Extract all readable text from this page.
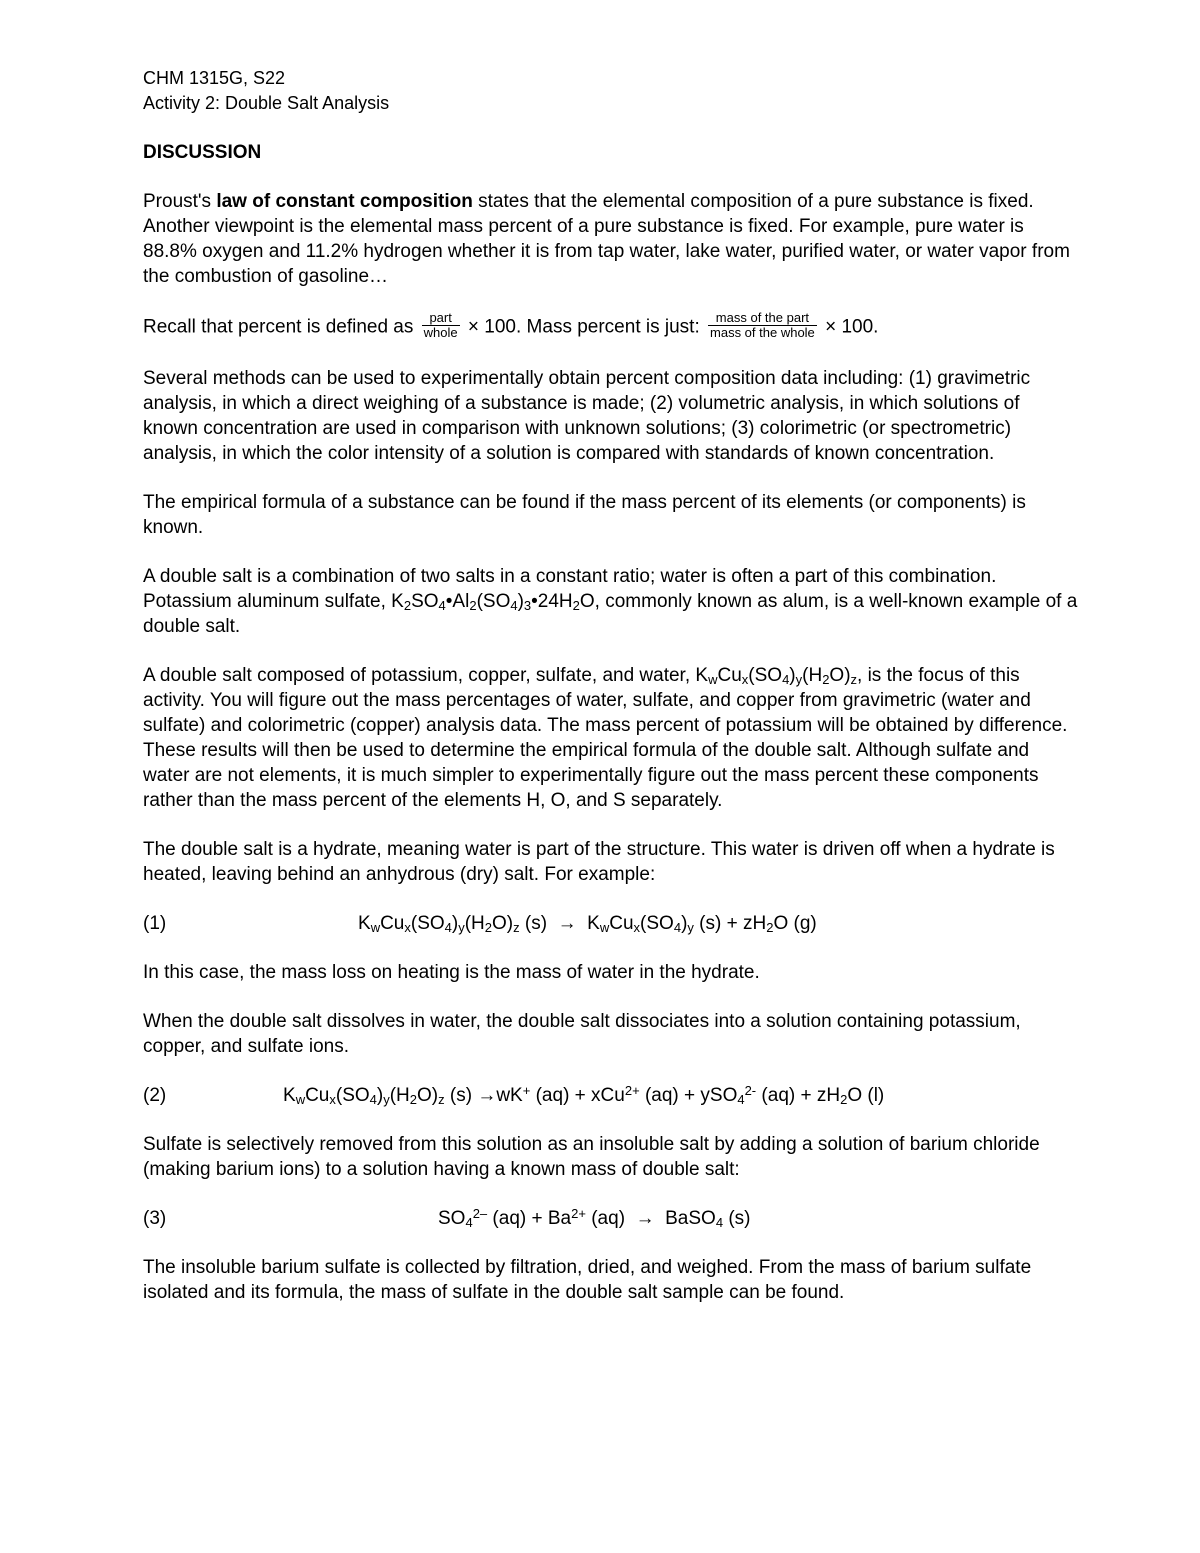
CHM 1315G, S22
Activity 2: Double Salt Analysis
DISCUSSION

Proust's law of constant composition states that the elemental composition of a pure substance is fixed. Another viewpoint is the elemental mass percent of a pure substance is fixed. For example, pure water is 88.8% oxygen and 11.2% hydrogen whether it is from tap water, lake water, purified water, or water vapor from the combustion of gasoline…

Recall that percent is defined as $\frac{\text{part}}{\text{whole}} \times 100$. Mass percent is just: $\frac{\text{mass of the part}}{\text{mass of the whole}} \times 100$.

Several methods can be used to experimentally obtain percent composition data including: (1) gravimetric analysis, in which a direct weighing of a substance is made; (2) volumetric analysis, in which solutions of known concentration are used in comparison with unknown solutions; (3) colorimetric (or spectrometric) analysis, in which the color intensity of a solution is compared with standards of known concentration.

The empirical formula of a substance can be found if the mass percent of its elements (or components) is known.

A double salt is a combination of two salts in a constant ratio; water is often a part of this combination. Potassium aluminum sulfate, $K_2SO_4•Al_2(SO_4)_3•24H_2O$, commonly known as alum, is a well-known example of a double salt.

A double salt composed of potassium, copper, sulfate, and water, $K_wCu_x(SO_4)_y(H_2O)_z$, is the focus of this activity. You will figure out the mass percentages of water, sulfate, and copper from gravimetric (water and sulfate) and colorimetric (copper) analysis data. The mass percent of potassium will be obtained by difference. These results will then be used to determine the empirical formula of the double salt. Although sulfate and water are not elements, it is much simpler to experimentally figure out the mass percent these components rather than the mass percent of the elements H, O, and S separately.

The double salt is a hydrate, meaning water is part of the structure. This water is driven off when a hydrate is heated, leaving behind an anhydrous (dry) salt. For example:

(1)	$K_wCu_x(SO_4)_y(H_2O)_z$ $(s) \to K_wCu_x(SO_4)_y$ $(s) + zH_2O$ (g)

In this case, the mass loss on heating is the mass of water in the hydrate.

When the double salt dissolves in water, the double salt dissociates into a solution containing potassium, copper, and sulfate ions.

(2)	$K_wCu_x(SO_4)_y(H_2O)_z$ (s) →wK+ (aq) + xCu$^{2+}$ (aq) + ySO$_4^{2-}$ $(aq) + zH_2O$ (l)

Sulfate is selectively removed from this solution as an insoluble salt by adding a solution of barium chloride (making barium ions) to a solution having a known mass of double salt:

(3)	$SO_4^{2-}$ $(aq) + Ba^{2+}$ (aq)  →  BaSO$_4$ (s)

The insoluble barium sulfate is collected by filtration, dried, and weighed. From the mass of barium sulfate isolated and its formula, the mass of sulfate in the double salt sample can be found.
